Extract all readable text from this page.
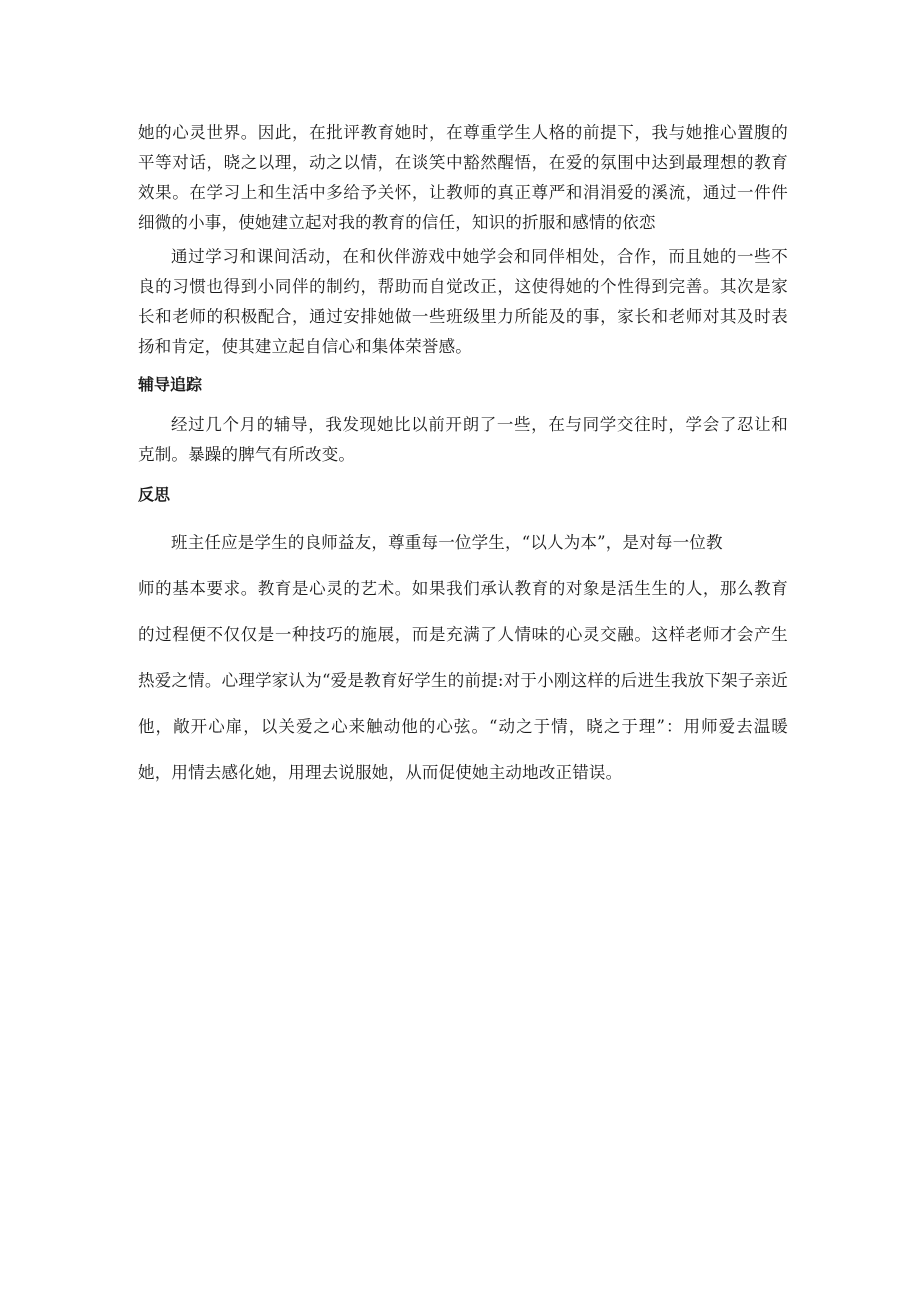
她的心灵世界。因此，在批评教育她时，在尊重学生人格的前提下，我与她推心置腹的平等对话，晓之以理，动之以情，在谈笑中豁然醒悟，在爱的氛围中达到最理想的教育效果。在学习上和生活中多给予关怀，让教师的真正尊严和涓涓爱的溪流，通过一件件细微的小事，使她建立起对我的教育的信任，知识的折服和感情的依恋

通过学习和课间活动，在和伙伴游戏中她学会和同伴相处，合作，而且她的一些不良的习惯也得到小同伴的制约，帮助而自觉改正，这使得她的个性得到完善。其次是家长和老师的积极配合，通过安排她做一些班级里力所能及的事，家长和老师对其及时表扬和肯定，使其建立起自信心和集体荣誉感。

辅导追踪

经过几个月的辅导，我发现她比以前开朗了一些，在与同学交往时，学会了忍让和克制。暴躁的脾气有所改变。

反思

班主任应是学生的良师益友，尊重每一位学生，“以人为本”，是对每一位教
师的基本要求。教育是心灵的艺术。如果我们承认教育的对象是活生生的人，那么教育的过程便不仅仅是一种技巧的施展，而是充满了人情味的心灵交融。这样老师才会产生热爱之情。心理学家认为“爱是教育好学生的前提:对于小刚这样的后进生我放下架子亲近他，敞开心扉，以关爱之心来触动他的心弦。“动之于情，晓之于理”：用师爱去温暖她，用情去感化她，用理去说服她，从而促使她主动地改正错误。
